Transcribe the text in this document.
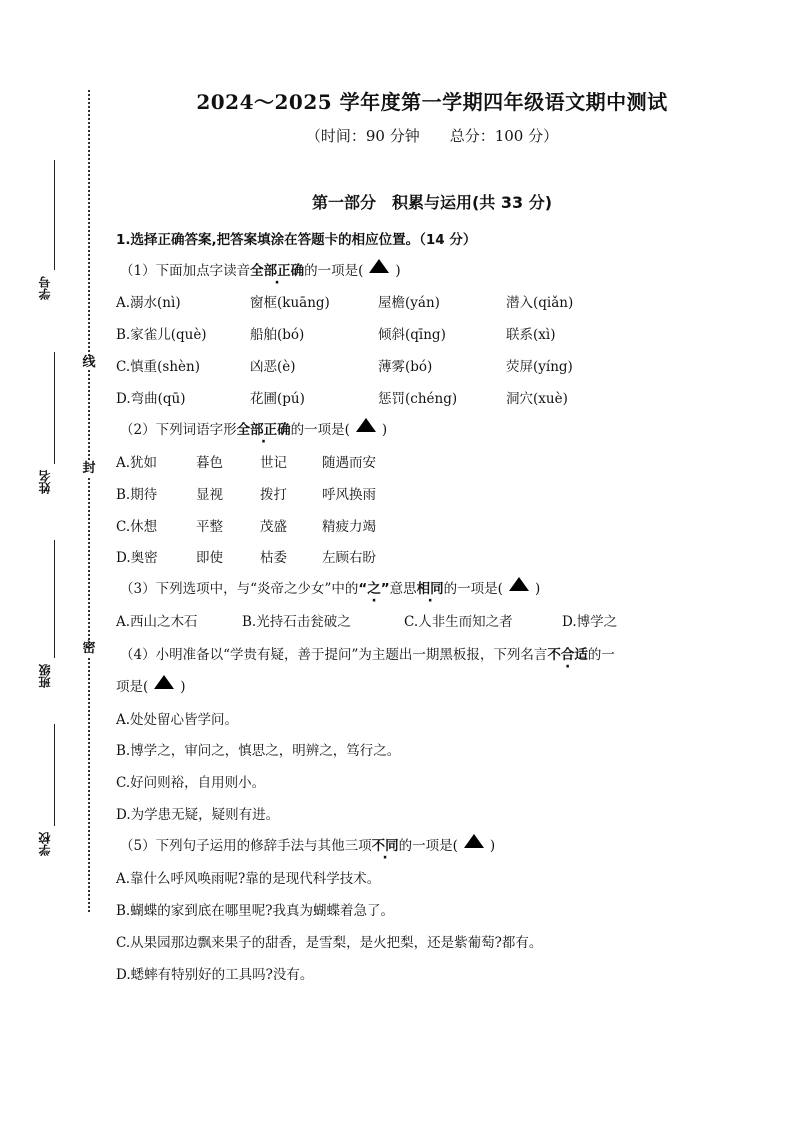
线
封
密
学号
姓名
班级
学校
2024～2025 学年度第一学期四年级语文期中测试
（时间：90 分钟　　总分：100 分）
第一部分　积累与运用(共 33 分)
1.选择正确答案,把答案填涂在答题卡的相应位置。（14 分）
（1）下面加点字读音全部正确的一项是( )
A.溺水(nì)	窗框(kuāng)	屋檐(yán)	潜入(qiǎn)
B.家雀儿(què)	船舶(bó)	倾斜(qīng)	联系(xì)
C.慎重(shèn)	凶恶(è)	薄雾(bó)	荧屏(yíng)
D.弯曲(qū)	花圃(pú)	惩罚(chéng)	洞穴(xuè)
（2）下列词语字形全部正确的一项是( )
A.犹如	暮色	世记	随遇而安
B.期待	显视	拨打	呼风换雨
C.休想	平整	茂盛	精疲力竭
D.奥密	即使	枯委	左顾右盼
（3）下列选项中，与“炎帝之少女”中的“之” ·意思相同的一项是( )
A.西山之木石	B.光持石击瓮破之	C.人非生而知之者	D.博学之
（4）小明准备以“学贵有疑，善于提问”为主题出一期黑板报，下列名言不合适的一
项是( )
A.处处留心皆学问。
B.博学之，审问之，慎思之，明辨之，笃行之。
C.好问则裕，自用则小。
D.为学患无疑，疑则有进。
（5）下列句子运用的修辞手法与其他三项不同的一项是( )
A.靠什么呼风唤雨呢?靠的是现代科学技术。
B.蝴蝶的家到底在哪里呢?我真为蝴蝶着急了。
C.从果园那边飘来果子的甜香，是雪梨，是火把梨，还是紫葡萄?都有。
D.蟋蟀有特别好的工具吗?没有。
